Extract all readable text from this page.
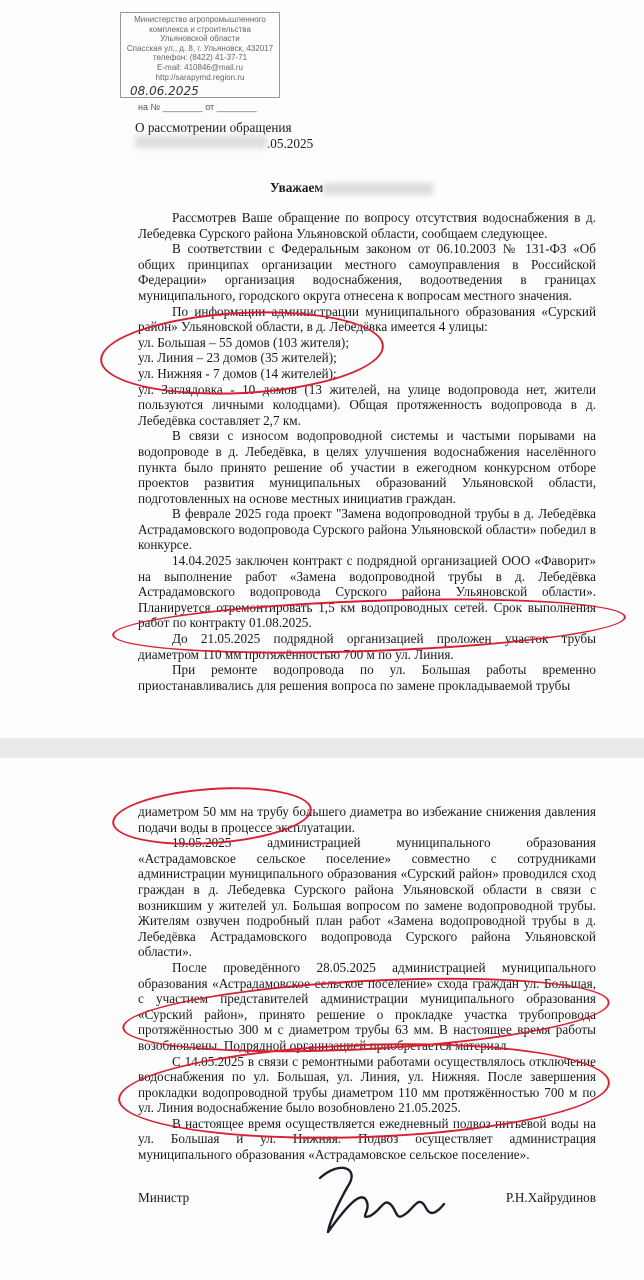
Министерство агропромышленного
комплекса и строительства
Ульяновской области
Спасская ул., д. 8, г. Ульяновск, 432017
телефон: (8422) 41-37-71
E-mail: 410846@mail.ru
http://sarapymd.region.ru
08.06.2025
на № ________ от ________
О рассмотрении обращения
.05.2025
Уважаем

Рассмотрев Ваше обращение по вопросу отсутствия водоснабжения в д. Лебедевка Сурского района Ульяновской области, сообщаем следующее.

В соответствии с Федеральным законом от 06.10.2003 № 131-ФЗ «Об общих принципах организации местного самоуправления в Российской Федерации» организация водоснабжения, водоотведения в границах муниципального, городского округа отнесена к вопросам местного значения.

По информации администрации муниципального образования «Сурский район» Ульяновской области, в д. Лебедёвка имеется 4 улицы:

ул. Большая – 55 домов (103 жителя);

ул. Линия – 23 домов (35 жителей);

ул. Нижняя - 7 домов (14 жителей);

ул. Заглядовка - 10 домов (13 жителей, на улице водопровода нет, жители пользуются личными колодцами). Общая протяженность водопровода в д. Лебедёвка составляет 2,7 км.

В связи с износом водопроводной системы и частыми порывами на водопроводе в д. Лебедёвка, в целях улучшения водоснабжения населённого пункта было принято решение об участии в ежегодном конкурсном отборе проектов развития муниципальных образований Ульяновской области, подготовленных на основе местных инициатив граждан.

В феврале 2025 года проект "Замена водопроводной трубы в д. Лебедёвка Астрадамовского водопровода Сурского района Ульяновской области» победил в конкурсе.

14.04.2025 заключен контракт с подрядной организацией ООО «Фаворит» на выполнение работ «Замена водопроводной трубы в д. Лебедёвка Астрадамовского водопровода Сурского района Ульяновской области». Планируется отремонтировать 1,5 км водопроводных сетей. Срок выполнения работ по контракту 01.08.2025.

До 21.05.2025 подрядной организацией проложен участок трубы диаметром 110 мм протяжённостью 700 м по ул. Линия.

При ремонте водопровода по ул. Большая работы временно приостанавливались для решения вопроса по замене прокладываемой трубы

диаметром 50 мм на трубу большего диаметра во избежание снижения давления подачи воды в процессе эксплуатации.

19.05.2025 администрацией муниципального образования «Астрадамовское сельское поселение» совместно с сотрудниками администрации муниципального образования «Сурский район» проводился сход граждан в д. Лебедевка Сурского района Ульяновской области в связи с возникшим у жителей ул. Большая вопросом по замене водопроводной трубы. Жителям озвучен подробный план работ «Замена водопроводной трубы в д. Лебедёвка Астрадамовского водопровода Сурского района Ульяновской области».

После проведённого 28.05.2025 администрацией муниципального образования «Астрадамовское сельское поселение» схода граждан ул. Большая, с участием представителей администрации муниципального образования «Сурский район», принято решение о прокладке участка трубопровода протяжённостью 300 м с диаметром трубы 63 мм. В настоящее время работы возобновлены. Подрядной организацией приобретается материал.

С 14.05.2025 в связи с ремонтными работами осуществлялось отключение водоснабжения по ул. Большая, ул. Линия, ул. Нижняя. После завершения прокладки водопроводной трубы диаметром 110 мм протяжённостью 700 м по ул. Линия водоснабжение было возобновлено 21.05.2025.

В настоящее время осуществляется ежедневный подвоз питьевой воды на ул. Большая и ул. Нижняя. Подвоз осуществляет администрация муниципального образования «Астрадамовское сельское поселение».

Министр	Р.Н.Хайрудинов
